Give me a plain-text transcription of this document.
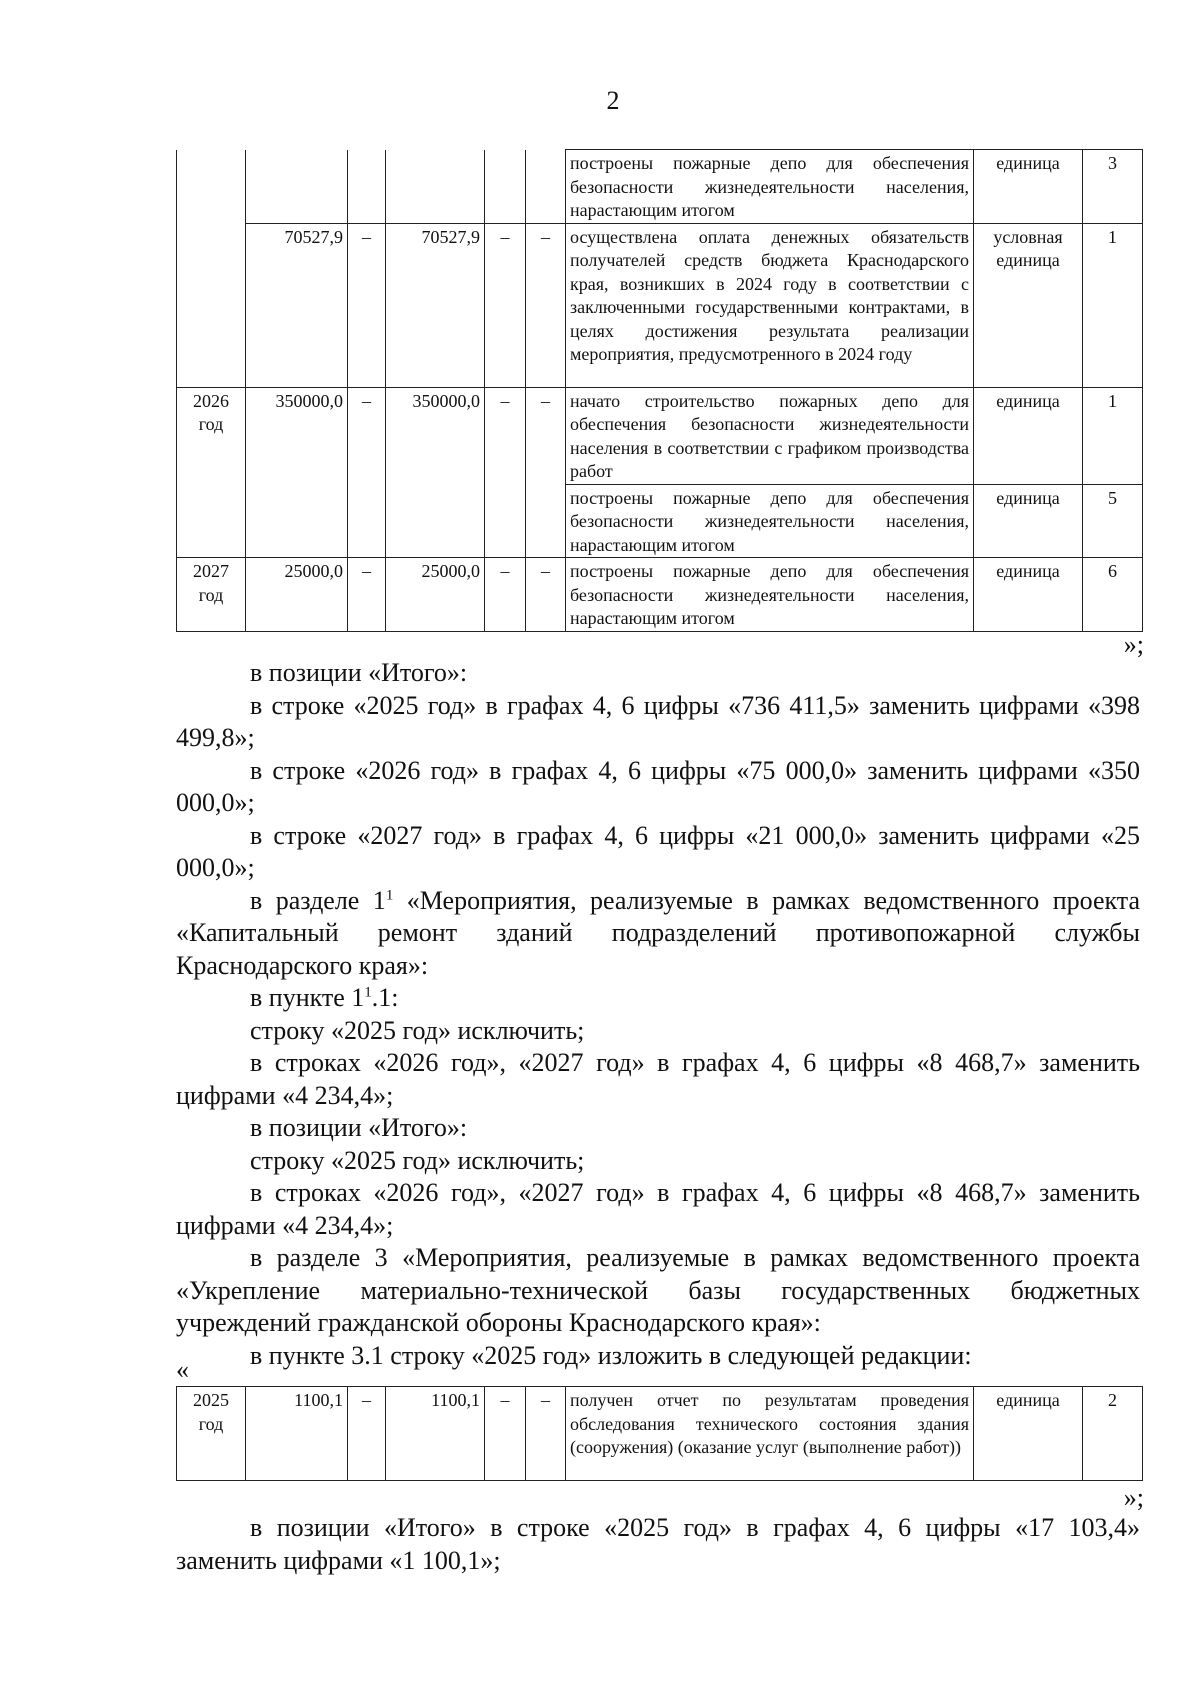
2
						построены пожарные депо для обеспечения безопасности жизнедеятельности населения, нарастающим итогом	единица	3
	70527,9	–	70527,9	–	–	осуществлена оплата денежных обязательств получателей средств бюджета Краснодарского края, возникших в 2024 году в соответствии с заключенными государственными контрактами, в целях достижения результата реализации мероприятия, предусмотренного в 2024 году	условная единица	1
2026 год	350000,0	–	350000,0	–	–	начато строительство пожарных депо для обеспечения безопасности жизнедеятельности населения в соответствии с графиком производства работ	единица	1
						построены пожарные депо для обеспечения безопасности жизнедеятельности населения, нарастающим итогом	единица	5
2027 год	25000,0	–	25000,0	–	–	построены пожарные депо для обеспечения безопасности жизнедеятельности населения, нарастающим итогом	единица	6
»;

в позиции «Итого»:

в строке «2025 год» в графах 4, 6 цифры «736 411,5» заменить цифрами «398 499,8»;

в строке «2026 год» в графах 4, 6 цифры «75 000,0» заменить цифрами «350 000,0»;

в строке «2027 год» в графах 4, 6 цифры «21 000,0» заменить цифрами «25 000,0»;

в разделе $1^1$ «Мероприятия, реализуемые в рамках ведомственного проекта «Капитальный ремонт зданий подразделений противопожарной службы Краснодарского края»:

в пункте $1^1.1$:

строку «2025 год» исключить;

в строках «2026 год», «2027 год» в графах 4, 6 цифры «8 468,7» заменить цифрами «4 234,4»;

в позиции «Итого»:

строку «2025 год» исключить;

в строках «2026 год», «2027 год» в графах 4, 6 цифры «8 468,7» заменить цифрами «4 234,4»;

в разделе 3 «Мероприятия, реализуемые в рамках ведомственного проекта «Укрепление материально-технической базы государственных бюджетных учреждений гражданской обороны Краснодарского края»:

в пункте 3.1 строку «2025 год» изложить в следующей редакции:

«
2025 год	1100,1	–	1100,1	–	–	получен отчет по результатам проведения обследования технического состояния здания (сооружения) (оказание услуг (выполнение работ))	единица	2
»;

в позиции «Итого» в строке «2025 год» в графах 4, 6 цифры «17 103,4» заменить цифрами «1 100,1»;
